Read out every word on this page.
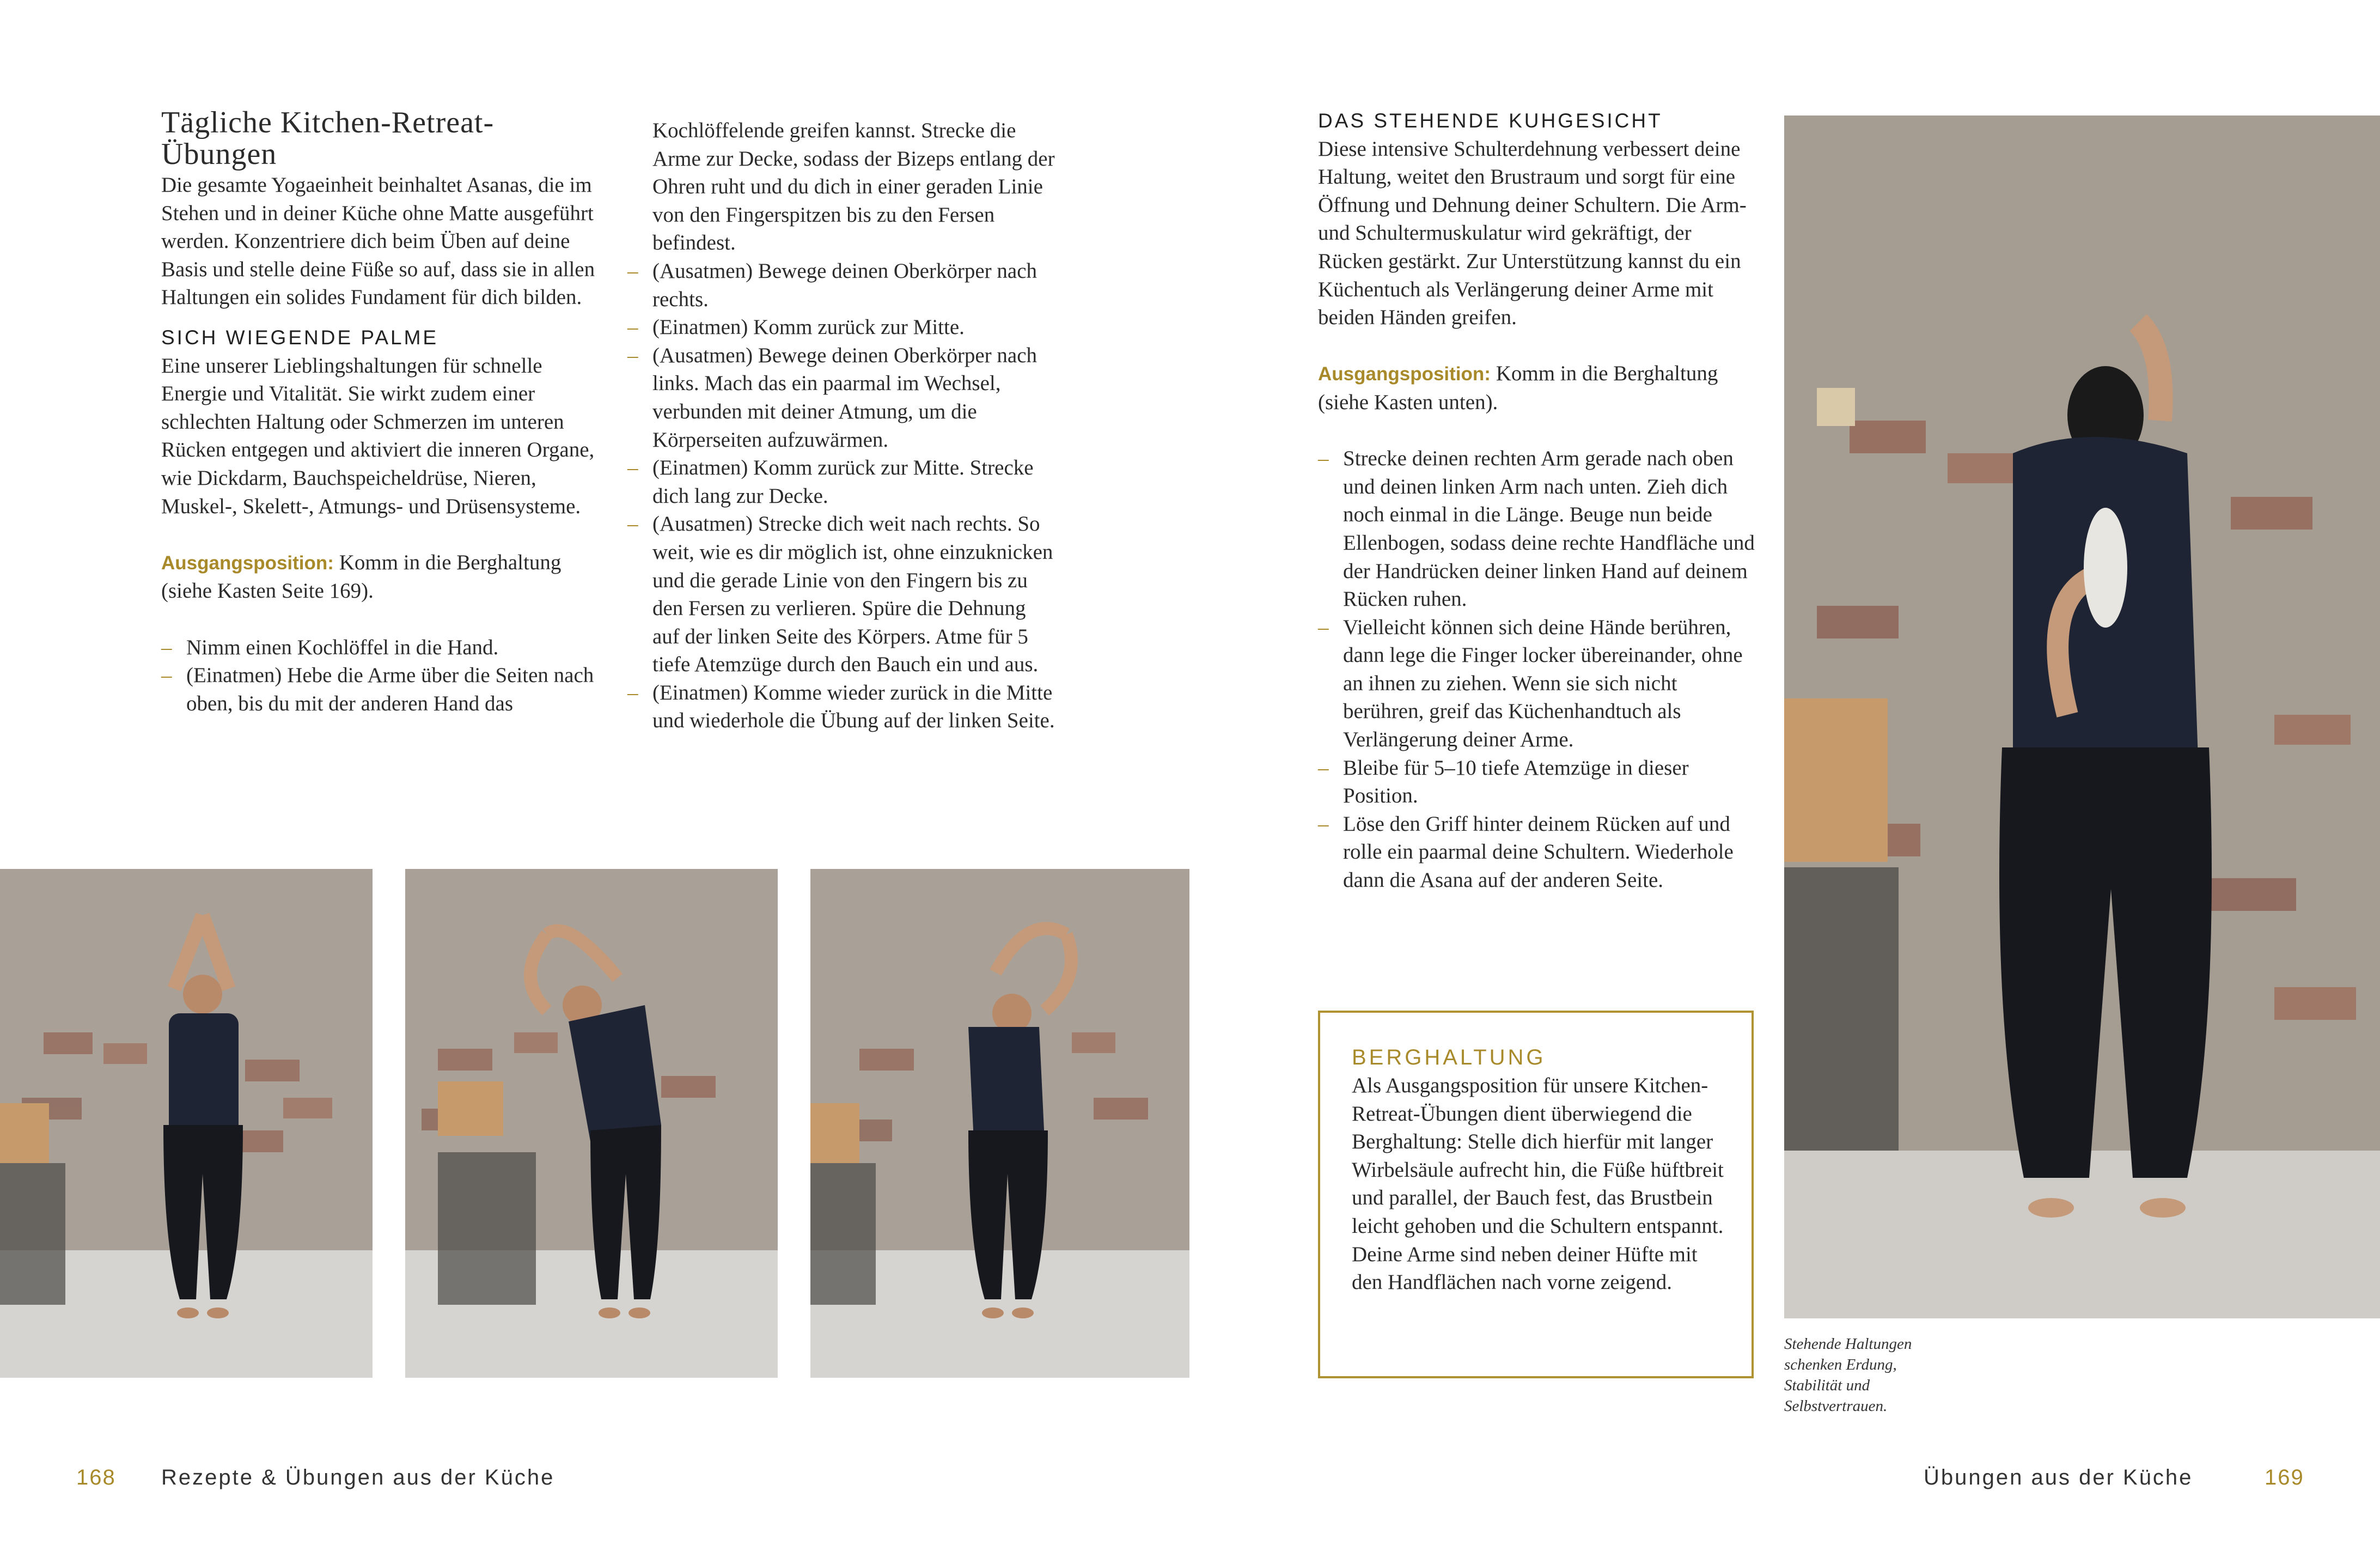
Tägliche Kitchen-Retreat-Übungen

Die gesamte Yogaeinheit beinhaltet Asanas, die im Stehen und in deiner Küche ohne Matte ausgeführt werden. Konzentriere dich beim Üben auf deine Basis und stelle deine Füße so auf, dass sie in allen Haltungen ein solides Fundament für dich bilden.

SICH WIEGENDE PALME

Eine unserer Lieblingshaltungen für schnelle Energie und Vitalität. Sie wirkt zudem einer schlechten Haltung oder Schmerzen im unteren Rücken entgegen und aktiviert die inneren Organe, wie Dickdarm, Bauchspeicheldrüse, Nieren, Muskel-, Skelett-, Atmungs- und Drüsensysteme.

Ausgangsposition: Komm in die Berghaltung (siehe Kasten Seite 169).

– Nimm einen Kochlöffel in die Hand.
– (Einatmen) Hebe die Arme über die Seiten nach oben, bis du mit der anderen Hand das

Kochlöffelende greifen kannst. Strecke die Arme zur Decke, sodass der Bizeps entlang der Ohren ruht und du dich in einer geraden Linie von den Fingerspitzen bis zu den Fersen befindest.

– (Ausatmen) Bewege deinen Oberkörper nach rechts.
– (Einatmen) Komm zurück zur Mitte.
– (Ausatmen) Bewege deinen Oberkörper nach links. Mach das ein paarmal im Wechsel, verbunden mit deiner Atmung, um die Körperseiten aufzuwärmen.
– (Einatmen) Komm zurück zur Mitte. Strecke dich lang zur Decke.
– (Ausatmen) Strecke dich weit nach rechts. So weit, wie es dir möglich ist, ohne einzuknicken und die gerade Linie von den Fingern bis zu den Fersen zu verlieren. Spüre die Dehnung auf der linken Seite des Körpers. Atme für 5 tiefe Atemzüge durch den Bauch ein und aus.
– (Einatmen) Komme wieder zurück in die Mitte und wiederhole die Übung auf der linken Seite.
168 Rezepte & Übungen aus der Küche
DAS STEHENDE KUHGESICHT

Diese intensive Schulterdehnung verbessert deine Haltung, weitet den Brustraum und sorgt für eine Öffnung und Dehnung deiner Schultern. Die Arm- und Schultermuskulatur wird gekräftigt, der Rücken gestärkt. Zur Unterstützung kannst du ein Küchentuch als Verlängerung deiner Arme mit beiden Händen greifen.

Ausgangsposition: Komm in die Berghaltung (siehe Kasten unten).

– Strecke deinen rechten Arm gerade nach oben und deinen linken Arm nach unten. Zieh dich noch einmal in die Länge. Beuge nun beide Ellenbogen, sodass deine rechte Handfläche und der Handrücken deiner linken Hand auf deinem Rücken ruhen.
– Vielleicht können sich deine Hände berühren, dann lege die Finger locker übereinander, ohne an ihnen zu ziehen. Wenn sie sich nicht berühren, greif das Küchenhandtuch als Verlängerung deiner Arme.
– Bleibe für 5–10 tiefe Atemzüge in dieser Position.
– Löse den Griff hinter deinem Rücken auf und rolle ein paarmal deine Schultern. Wiederhole dann die Asana auf der anderen Seite.
BERGHALTUNG

Als Ausgangsposition für unsere Kitchen-Retreat-Übungen dient überwiegend die Berghaltung: Stelle dich hierfür mit langer Wirbelsäule aufrecht hin, die Füße hüftbreit und parallel, der Bauch fest, das Brustbein leicht gehoben und die Schultern entspannt. Deine Arme sind neben deiner Hüfte mit den Handflächen nach vorne zeigend.

Stehende Haltungen schenken Erdung, Stabilität und Selbstvertrauen.
Übungen aus der Küche	169
